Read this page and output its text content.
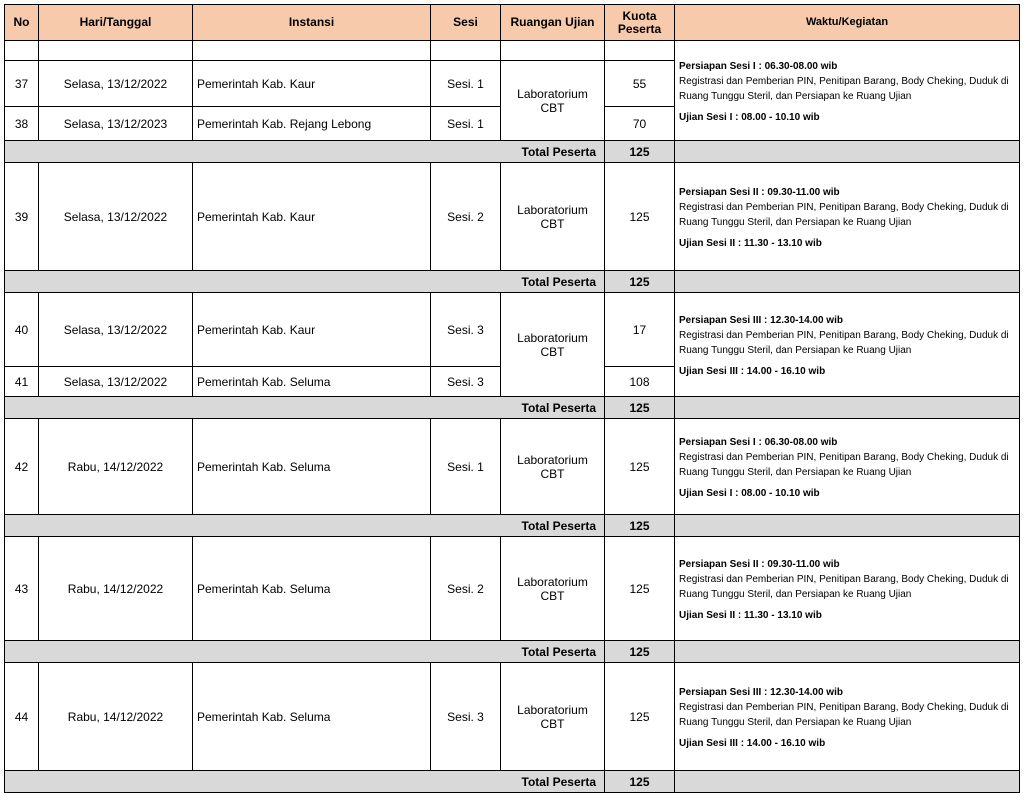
No	Hari/Tanggal	Instansi	Sesi	Ruangan Ujian	Kuota Peserta	Waktu/Kegiatan

						Persiapan Sesi I : 06.30-08.00 wib
Registrasi dan Pemberian PIN, Penitipan Barang, Body Cheking, Duduk di Ruang Tunggu Steril, dan Persiapan ke Ruang Ujian
Ujian Sesi I : 08.00 - 10.10 wib

37	Selasa, 13/12/2022	Pemerintah Kab. Kaur	Sesi. 1	Laboratorium CBT	55	
38	Selasa, 13/12/2023	Pemerintah Kab. Rejang Lebong	Sesi. 1		70	
Total Peserta					125	
39	Selasa, 13/12/2022	Pemerintah Kab. Kaur	Sesi. 2	Laboratorium CBT	125	Persiapan Sesi II : 09.30-11.00 wib
Registrasi dan Pemberian PIN, Penitipan Barang, Body Cheking, Duduk di Ruang Tunggu Steril, dan Persiapan ke Ruang Ujian
Ujian Sesi II : 11.30 - 13.10 wib

Total Peserta					125	
40	Selasa, 13/12/2022	Pemerintah Kab. Kaur	Sesi. 3	Laboratorium CBT	17	Persiapan Sesi III : 12.30-14.00 wib
Registrasi dan Pemberian PIN, Penitipan Barang, Body Cheking, Duduk di Ruang Tunggu Steril, dan Persiapan ke Ruang Ujian
Ujian Sesi III : 14.00 - 16.10 wib

41	Selasa, 13/12/2022	Pemerintah Kab. Seluma	Sesi. 3		108	
Total Peserta					125	
42	Rabu, 14/12/2022	Pemerintah Kab. Seluma	Sesi. 1	Laboratorium CBT	125	Persiapan Sesi I : 06.30-08.00 wib
Registrasi dan Pemberian PIN, Penitipan Barang, Body Cheking, Duduk di Ruang Tunggu Steril, dan Persiapan ke Ruang Ujian
Ujian Sesi I : 08.00 - 10.10 wib

Total Peserta					125	
43	Rabu, 14/12/2022	Pemerintah Kab. Seluma	Sesi. 2	Laboratorium CBT	125	Persiapan Sesi II : 09.30-11.00 wib
Registrasi dan Pemberian PIN, Penitipan Barang, Body Cheking, Duduk di Ruang Tunggu Steril, dan Persiapan ke Ruang Ujian
Ujian Sesi II : 11.30 - 13.10 wib

Total Peserta					125	
44	Rabu, 14/12/2022	Pemerintah Kab. Seluma	Sesi. 3	Laboratorium CBT	125	Persiapan Sesi III : 12.30-14.00 wib
Registrasi dan Pemberian PIN, Penitipan Barang, Body Cheking, Duduk di Ruang Tunggu Steril, dan Persiapan ke Ruang Ujian
Ujian Sesi III : 14.00 - 16.10 wib

Total Peserta					125	
